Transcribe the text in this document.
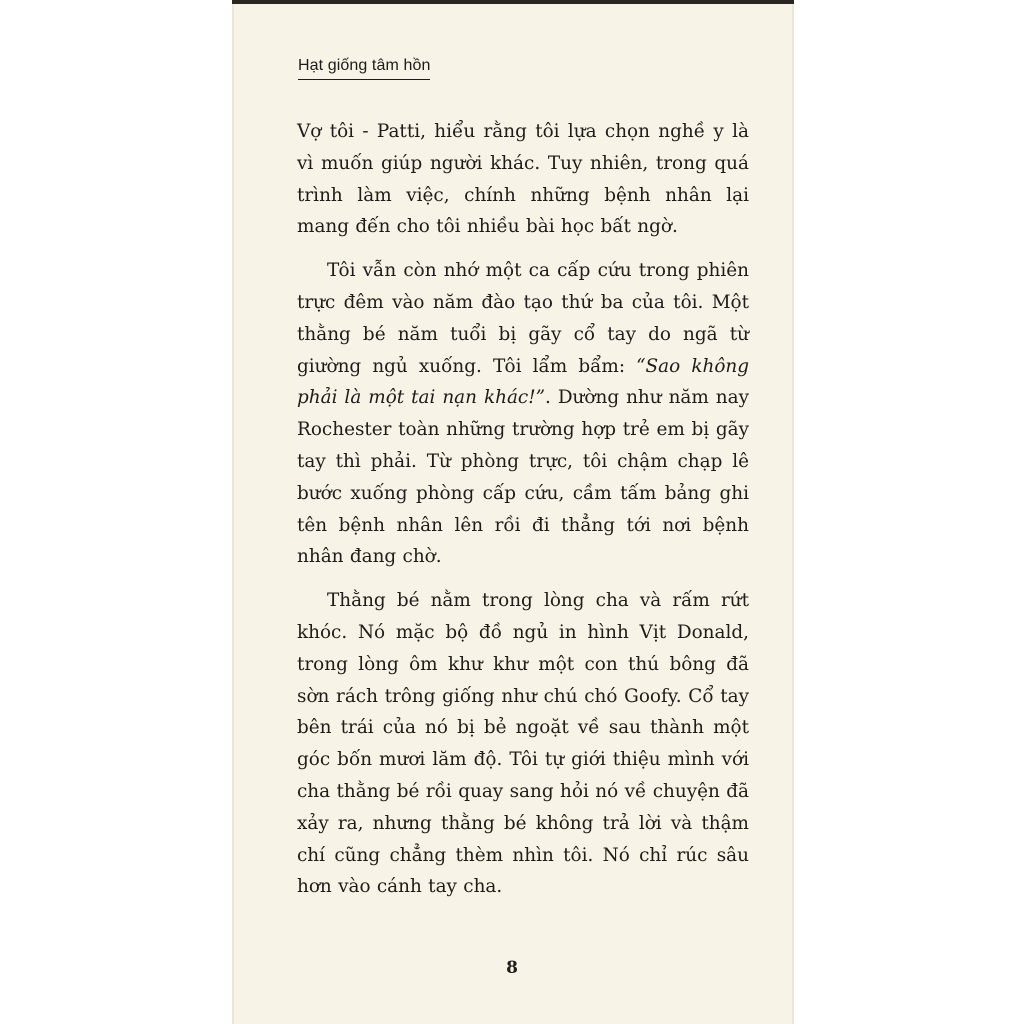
Hạt giống tâm hồn

Vợ tôi - Patti, hiểu rằng tôi lựa chọn nghề y là vì muốn giúp người khác. Tuy nhiên, trong quá trình làm việc, chính những bệnh nhân lại mang đến cho tôi nhiều bài học bất ngờ.

Tôi vẫn còn nhớ một ca cấp cứu trong phiên trực đêm vào năm đào tạo thứ ba của tôi. Một thằng bé năm tuổi bị gãy cổ tay do ngã từ giường ngủ xuống. Tôi lẩm bẩm: “Sao không phải là một tai nạn khác!”. Dường như năm nay Rochester toàn những trường hợp trẻ em bị gãy tay thì phải. Từ phòng trực, tôi chậm chạp lê bước xuống phòng cấp cứu, cầm tấm bảng ghi tên bệnh nhân lên rồi đi thẳng tới nơi bệnh nhân đang chờ.

Thằng bé nằm trong lòng cha và rấm rứt khóc. Nó mặc bộ đồ ngủ in hình Vịt Donald, trong lòng ôm khư khư một con thú bông đã sờn rách trông giống như chú chó Goofy. Cổ tay bên trái của nó bị bẻ ngoặt về sau thành một góc bốn mươi lăm độ. Tôi tự giới thiệu mình với cha thằng bé rồi quay sang hỏi nó về chuyện đã xảy ra, nhưng thằng bé không trả lời và thậm chí cũng chẳng thèm nhìn tôi. Nó chỉ rúc sâu hơn vào cánh tay cha.

8
